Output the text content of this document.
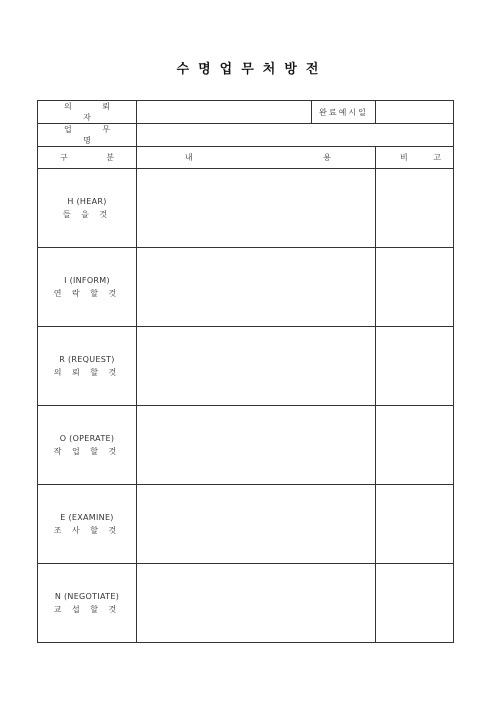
수명업무처방전
의 뢰 자		완료예시일	
업 무 명			
구 분	내 용		비 고

H (HEAR)
들 을 것			

I (INFORM)
연 락 할 것			

R (REQUEST)
의 뢰 할 것			

O (OPERATE)
작 업 할 것			

E (EXAMINE)
조 사 할 것			

N (NEGOTIATE)
교 섭 할 것			
